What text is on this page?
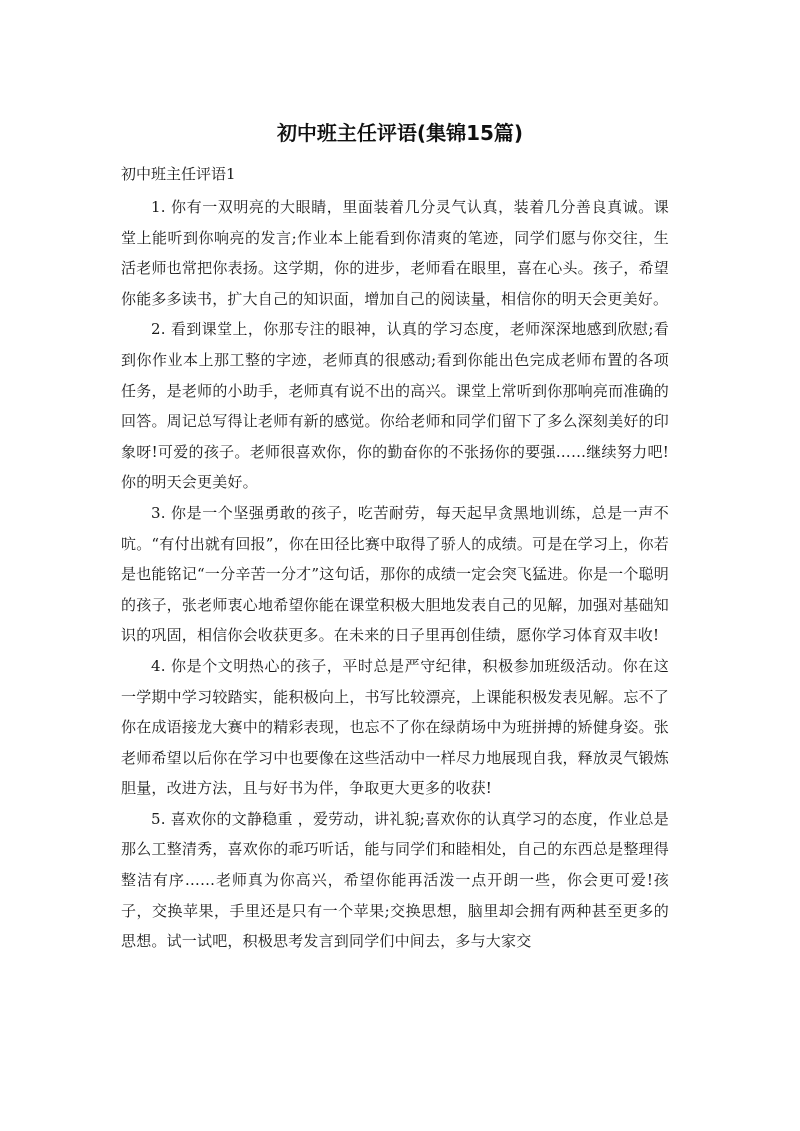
初中班主任评语(集锦15篇)
初中班主任评语1

1. 你有一双明亮的大眼睛，里面装着几分灵气认真，装着几分善良真诚。课堂上能听到你响亮的发言;作业本上能看到你清爽的笔迹，同学们愿与你交往，生活老师也常把你表扬。这学期，你的进步，老师看在眼里，喜在心头。孩子，希望你能多多读书，扩大自己的知识面，增加自己的阅读量，相信你的明天会更美好。

2. 看到课堂上，你那专注的眼神，认真的学习态度，老师深深地感到欣慰;看到你作业本上那工整的字迹，老师真的很感动;看到你能出色完成老师布置的各项任务，是老师的小助手，老师真有说不出的高兴。课堂上常听到你那响亮而准确的回答。周记总写得让老师有新的感觉。你给老师和同学们留下了多么深刻美好的印象呀!可爱的孩子。老师很喜欢你，你的勤奋你的不张扬你的要强……继续努力吧!你的明天会更美好。

3. 你是一个坚强勇敢的孩子，吃苦耐劳，每天起早贪黑地训练，总是一声不吭。“有付出就有回报”，你在田径比赛中取得了骄人的成绩。可是在学习上，你若是也能铭记“一分辛苦一分才”这句话，那你的成绩一定会突飞猛进。你是一个聪明的孩子，张老师衷心地希望你能在课堂积极大胆地发表自己的见解，加强对基础知识的巩固，相信你会收获更多。在未来的日子里再创佳绩，愿你学习体育双丰收!

4. 你是个文明热心的孩子，平时总是严守纪律，积极参加班级活动。你在这一学期中学习较踏实，能积极向上，书写比较漂亮，上课能积极发表见解。忘不了你在成语接龙大赛中的精彩表现，也忘不了你在绿荫场中为班拼搏的矫健身姿。张老师希望以后你在学习中也要像在这些活动中一样尽力地展现自我，释放灵气锻炼胆量，改进方法，且与好书为伴，争取更大更多的收获!

5. 喜欢你的文静稳重 ，爱劳动，讲礼貌;喜欢你的认真学习的态度，作业总是那么工整清秀，喜欢你的乖巧听话，能与同学们和睦相处，自己的东西总是整理得整洁有序……老师真为你高兴，希望你能再活泼一点开朗一些，你会更可爱!孩子，交换苹果，手里还是只有一个苹果;交换思想，脑里却会拥有两种甚至更多的思想。试一试吧，积极思考发言到同学们中间去，多与大家交
